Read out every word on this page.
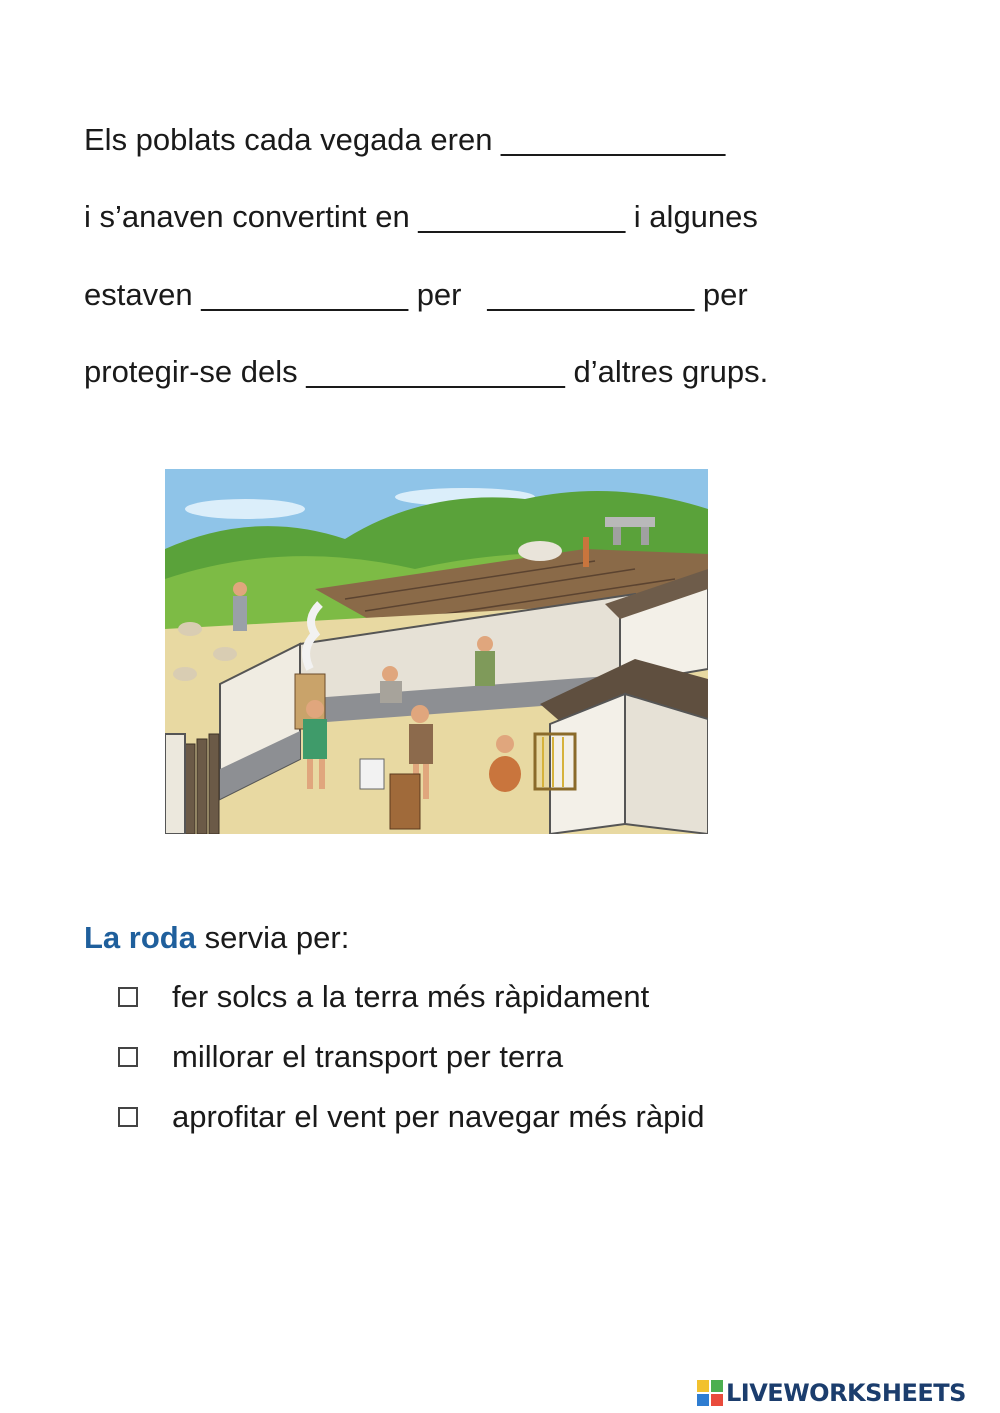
Els poblats cada vegada eren _____________

i s’anaven convertint en ____________ i algunes

estaven ____________ per   ____________ per

protegir-se dels _______________ d’altres grups.

La roda servia per:

fer solcs a la terra més ràpidament
millorar el transport per terra
aprofitar el vent per navegar més ràpid
LIVEWORKSHEETS
